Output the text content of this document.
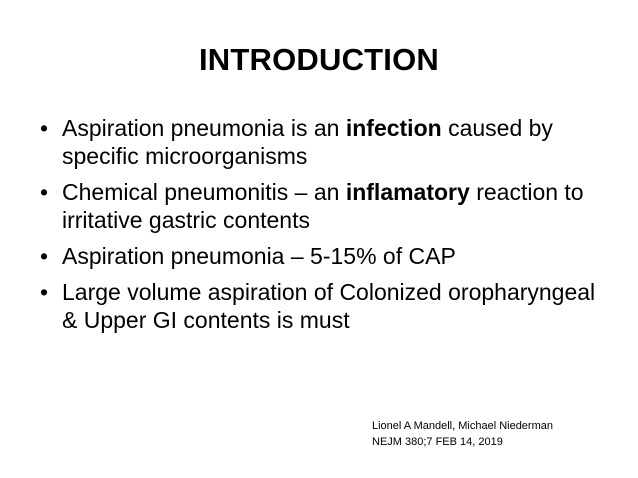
INTRODUCTION
• Aspiration pneumonia is an infection caused by specific microorganisms
• Chemical pneumonitis – an inflamatory reaction to irritative gastric contents
• Aspiration pneumonia – 5-15% of CAP
• Large volume aspiration of Colonized oropharyngeal & Upper GI contents is must
Lionel A Mandell, Michael Niederman
NEJM 380;7 FEB 14, 2019
